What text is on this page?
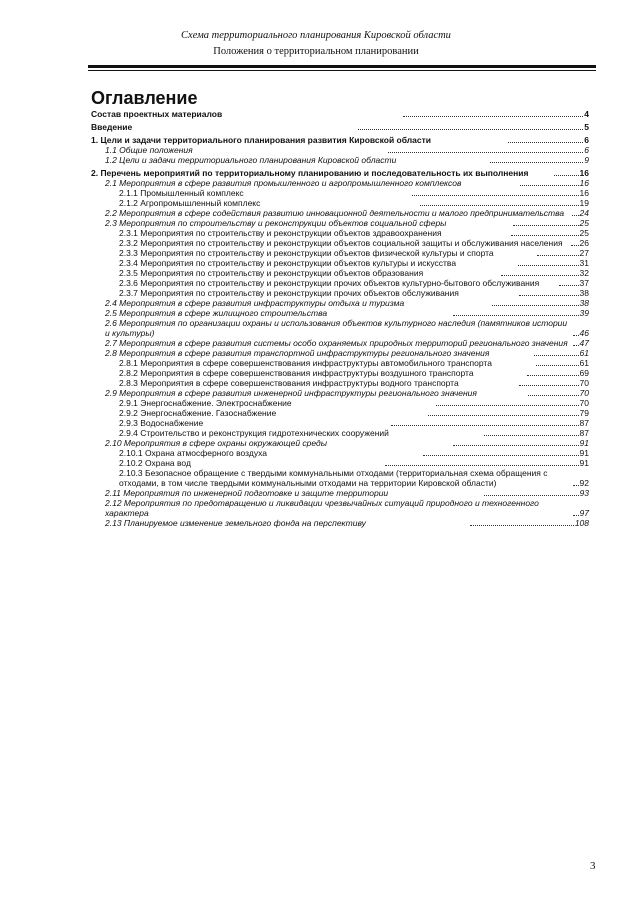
Схема территориального планирования Кировской области
Положения о территориальном планировании
Оглавление
Состав проектных материалов	4
Введение	5
1. Цели и задачи территориального планирования развития Кировской области	6
1.1 Общие положения	6
1.2 Цели и задачи территориального планирования Кировской области	9
2. Перечень мероприятий по территориальному планированию и последовательность их выполнения	16
2.1 Мероприятия в сфере развития промышленного и агропромышленного комплексов	16
2.1.1 Промышленный комплекс	16
2.1.2 Агропромышленный комплекс	19
2.2 Мероприятия в сфере содействия развитию инновационной деятельности и малого предпринимательства	24
2.3 Мероприятия по строительству и реконструкции объектов социальной сферы	25
2.3.1 Мероприятия по строительству и реконструкции объектов здравоохранения	25
2.3.2 Мероприятия по строительству и реконструкции объектов социальной защиты и обслуживания населения	26
2.3.3 Мероприятия по строительству и реконструкции объектов физической культуры и спорта	27
2.3.4 Мероприятия по строительству и реконструкции объектов культуры и искусства	31
2.3.5 Мероприятия по строительству и реконструкции объектов образования	32
2.3.6 Мероприятия по строительству и реконструкции прочих объектов культурно-бытового обслуживания	37
2.3.7 Мероприятия по строительству и реконструкции прочих объектов обслуживания	38
2.4 Мероприятия в сфере развития инфраструктуры отдыха и туризма	38
2.5 Мероприятия в сфере жилищного строительства	39
2.6 Мероприятия по организации охраны и использования объектов культурного наследия (памятников истории и культуры)	46
2.7 Мероприятия в сфере развития системы особо охраняемых природных территорий регионального значения	47
2.8 Мероприятия в сфере развития транспортной инфраструктуры регионального значения	61
2.8.1 Мероприятия в сфере совершенствования инфраструктуры автомобильного транспорта	61
2.8.2 Мероприятия в сфере совершенствования инфраструктуры воздушного транспорта	69
2.8.3 Мероприятия в сфере совершенствования инфраструктуры водного транспорта	70
2.9 Мероприятия в сфере развития инженерной инфраструктуры регионального значения	70
2.9.1 Энергоснабжение. Электроснабжение	70
2.9.2 Энергоснабжение. Газоснабжение	79
2.9.3 Водоснабжение	87
2.9.4 Строительство и реконструкция гидротехнических сооружений	87
2.10 Мероприятия в сфере охраны окружающей среды	91
2.10.1 Охрана атмосферного воздуха	91
2.10.2 Охрана вод	91
2.10.3 Безопасное обращение с твердыми коммунальными отходами (территориальная схема обращения с отходами, в том числе твердыми коммунальными отходами на территории Кировской области)	92
2.11 Мероприятия по инженерной подготовке и защите территории	93
2.12 Мероприятия по предотвращению и ликвидации чрезвычайных ситуаций природного и техногенного характера	97
2.13 Планируемое изменение земельного фонда на перспективу	108
3
